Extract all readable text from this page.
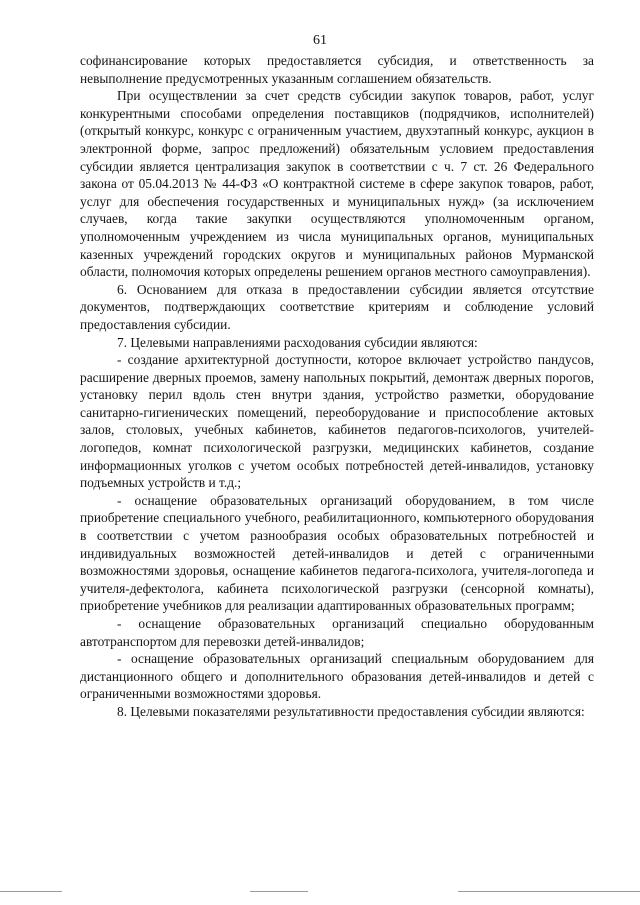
61

софинансирование которых предоставляется субсидия, и ответственность за невыполнение предусмотренных указанным соглашением обязательств.

При осуществлении за счет средств субсидии закупок товаров, работ, услуг конкурентными способами определения поставщиков (подрядчиков, исполнителей) (открытый конкурс, конкурс с ограниченным участием, двухэтапный конкурс, аукцион в электронной форме, запрос предложений) обязательным условием предоставления субсидии является централизация закупок в соответствии с ч. 7 ст. 26 Федерального закона от 05.04.2013 № 44-ФЗ «О контрактной системе в сфере закупок товаров, работ, услуг для обеспечения государственных и муниципальных нужд» (за исключением случаев, когда такие закупки осуществляются уполномоченным органом, уполномоченным учреждением из числа муниципальных органов, муниципальных казенных учреждений городских округов и муниципальных районов Мурманской области, полномочия которых определены решением органов местного самоуправления).

6. Основанием для отказа в предоставлении субсидии является отсутствие документов, подтверждающих соответствие критериям и соблюдение условий предоставления субсидии.

7. Целевыми направлениями расходования субсидии являются:

- создание архитектурной доступности, которое включает устройство пандусов, расширение дверных проемов, замену напольных покрытий, демонтаж дверных порогов, установку перил вдоль стен внутри здания, устройство разметки, оборудование санитарно-гигиенических помещений, переоборудование и приспособление актовых залов, столовых, учебных кабинетов, кабинетов педагогов-психологов, учителей-логопедов, комнат психологической разгрузки, медицинских кабинетов, создание информационных уголков с учетом особых потребностей детей-инвалидов, установку подъемных устройств и т.д.;

- оснащение образовательных организаций оборудованием, в том числе приобретение специального учебного, реабилитационного, компьютерного оборудования в соответствии с учетом разнообразия особых образовательных потребностей и индивидуальных возможностей детей-инвалидов и детей с ограниченными возможностями здоровья, оснащение кабинетов педагога-психолога, учителя-логопеда и учителя-дефектолога, кабинета психологической разгрузки (сенсорной комнаты), приобретение учебников для реализации адаптированных образовательных программ;

- оснащение образовательных организаций специально оборудованным автотранспортом для перевозки детей-инвалидов;

- оснащение образовательных организаций специальным оборудованием для дистанционного общего и дополнительного образования детей-инвалидов и детей с ограниченными возможностями здоровья.

8. Целевыми показателями результативности предоставления субсидии являются:
